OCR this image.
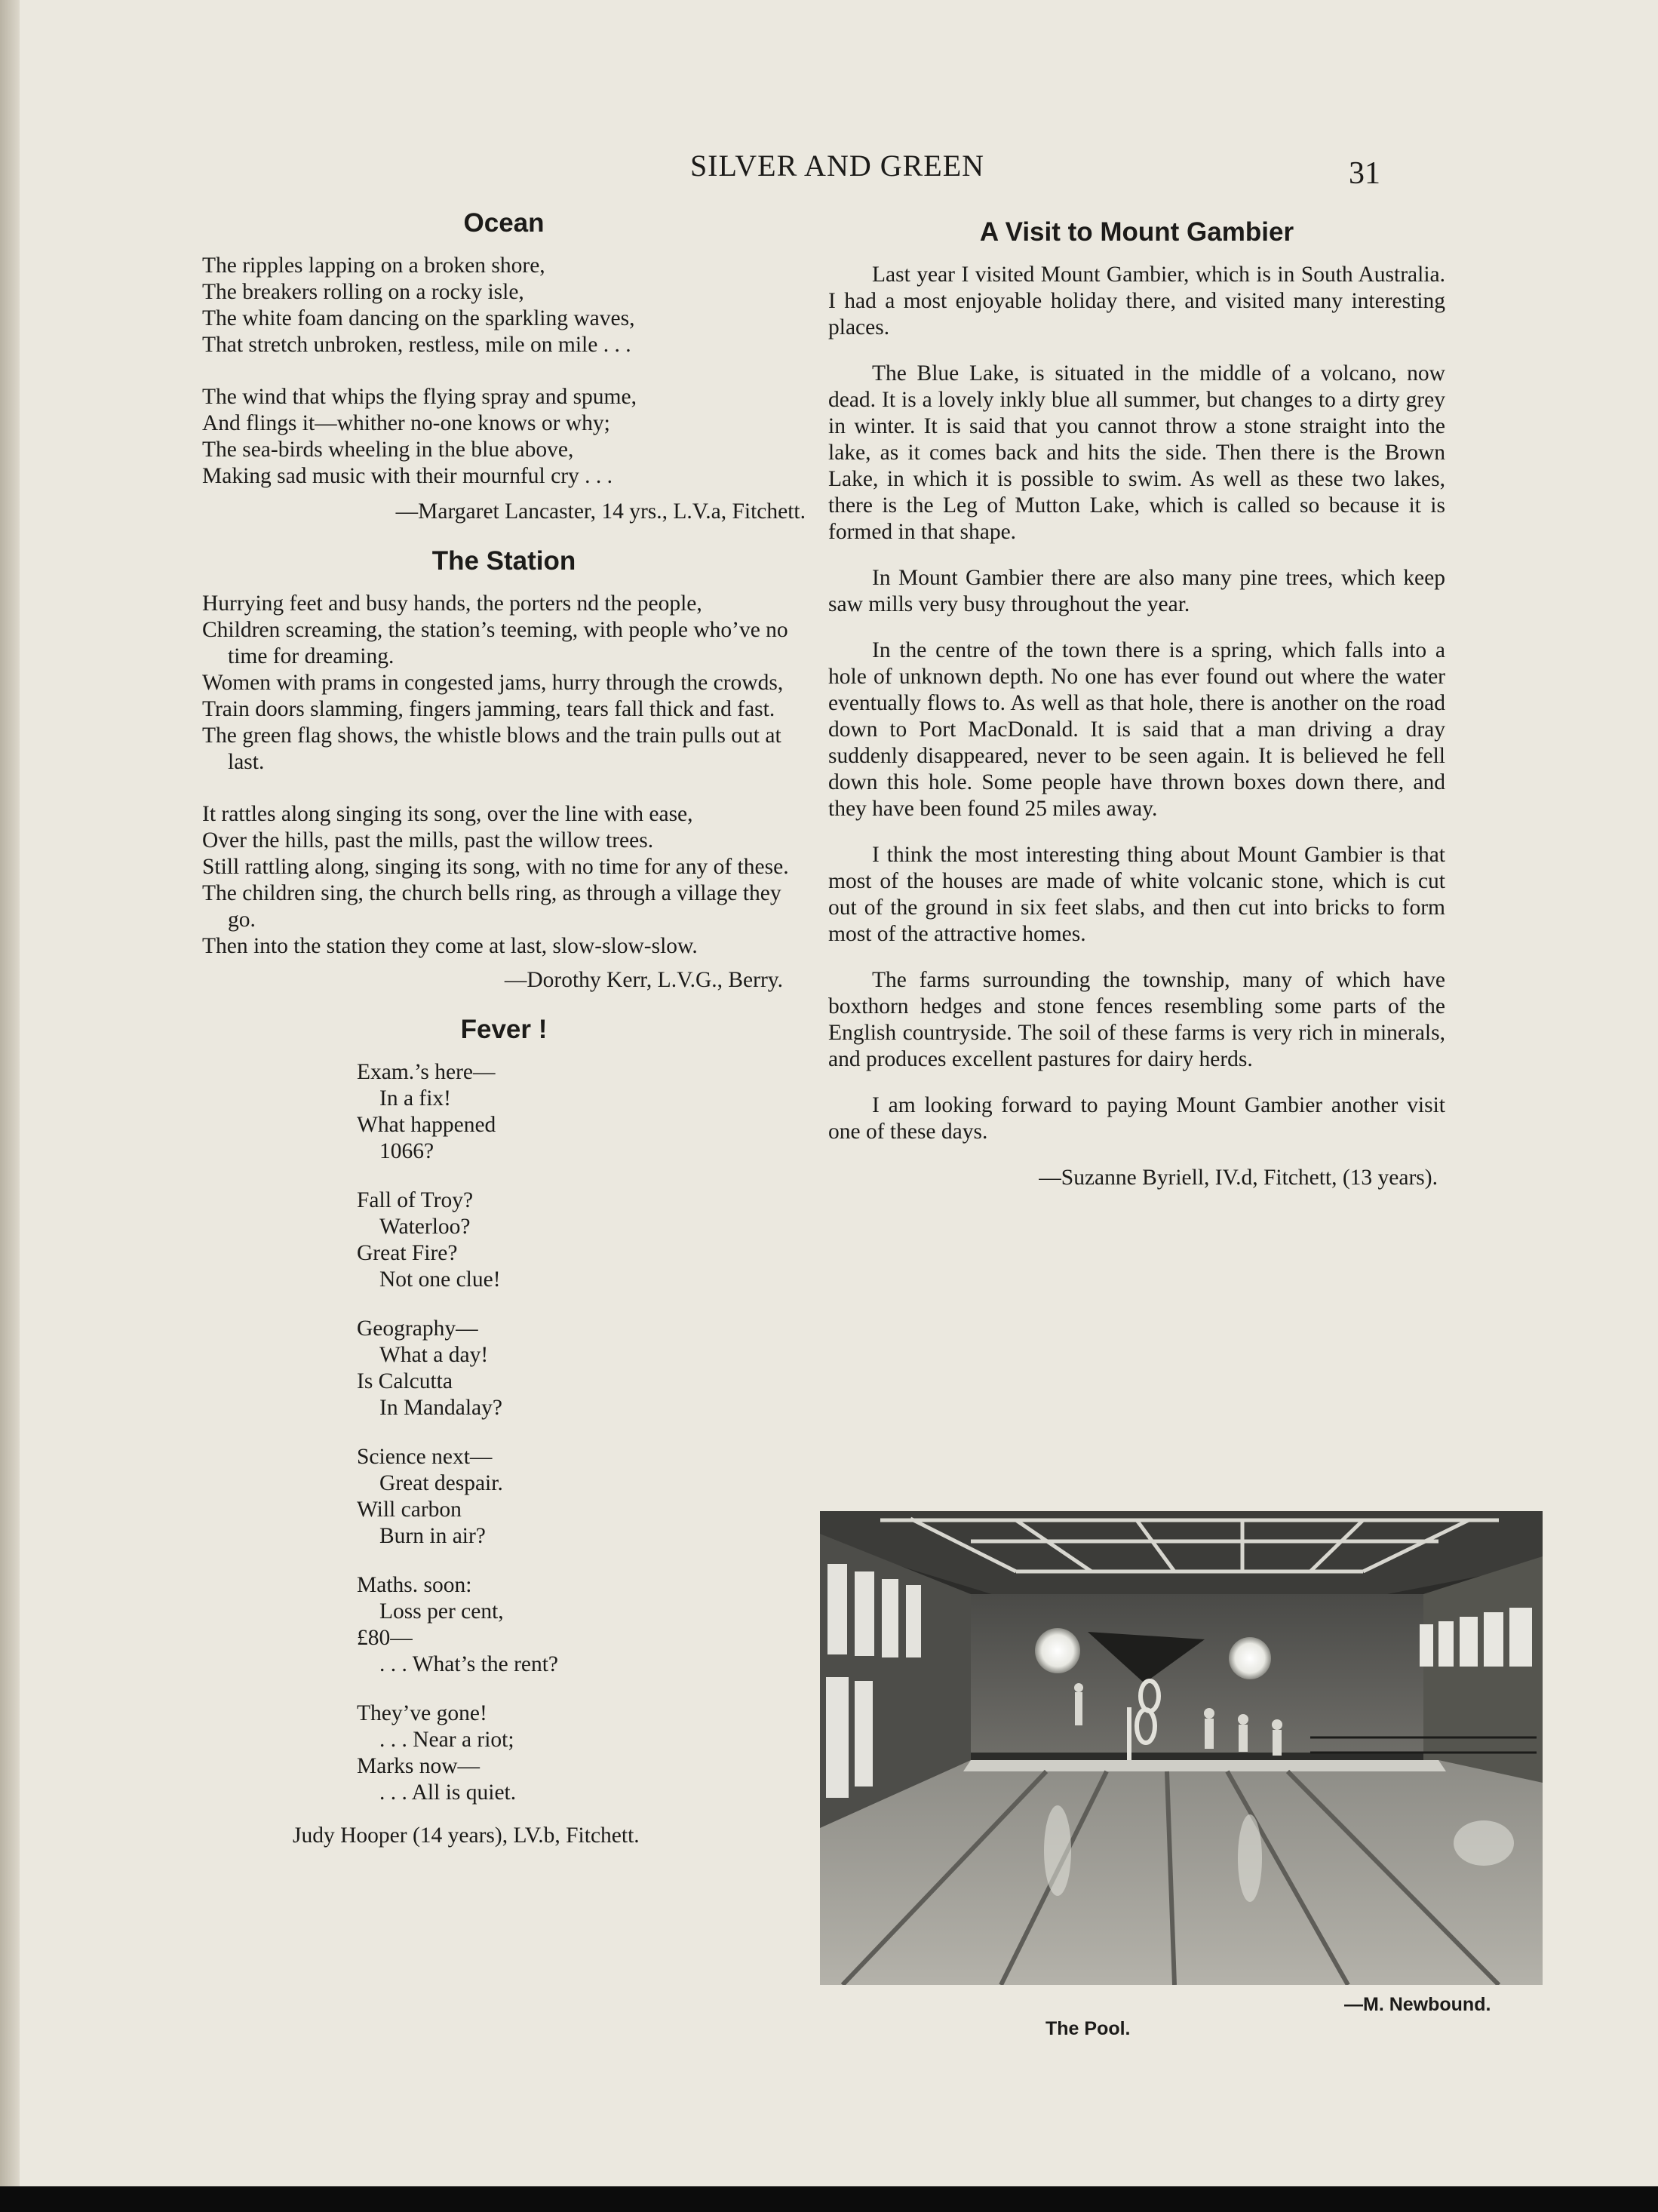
SILVER AND GREEN	31
Ocean
The ripples lapping on a broken shore,
The breakers rolling on a rocky isle,
The white foam dancing on the sparkling waves,
That stretch unbroken, restless, mile on mile . . .
The wind that whips the flying spray and spume,
And flings it—whither no-one knows or why;
The sea-birds wheeling in the blue above,
Making sad music with their mournful cry . . .
—Margaret Lancaster, 14 yrs., L.V.a, Fitchett.
The Station
Hurrying feet and busy hands, the porters nd the people,
Children screaming, the station’s teeming, with people who’ve no time for dreaming.
Women with prams in congested jams, hurry through the crowds,
Train doors slamming, fingers jamming, tears fall thick and fast.
The green flag shows, the whistle blows and the train pulls out at last.
It rattles along singing its song, over the line with ease,
Over the hills, past the mills, past the willow trees.
Still rattling along, singing its song, with no time for any of these.
The children sing, the church bells ring, as through a village they go.
Then into the station they come at last, slow-slow-slow.
—Dorothy Kerr, L.V.G., Berry.
Fever !
Exam.’s here—
In a fix!
What happened
1066?
Fall of Troy?
Waterloo?
Great Fire?
Not one clue!
Geography—
What a day!
Is Calcutta
In Mandalay?
Science next—
Great despair.
Will carbon
Burn in air?
Maths. soon:
Loss per cent,
£80—
. . . What’s the rent?
They’ve gone!
. . . Near a riot;
Marks now—
. . . All is quiet.
Judy Hooper (14 years), LV.b, Fitchett.
A Visit to Mount Gambier

Last year I visited Mount Gambier, which is in South Australia. I had a most enjoyable holiday there, and visited many interesting places.

The Blue Lake, is situated in the middle of a volcano, now dead. It is a lovely inkly blue all summer, but changes to a dirty grey in winter. It is said that you cannot throw a stone straight into the lake, as it comes back and hits the side. Then there is the Brown Lake, in which it is possible to swim. As well as these two lakes, there is the Leg of Mutton Lake, which is called so because it is formed in that shape.

In Mount Gambier there are also many pine trees, which keep saw mills very busy throughout the year.

In the centre of the town there is a spring, which falls into a hole of unknown depth. No one has ever found out where the water eventually flows to. As well as that hole, there is another on the road down to Port MacDonald. It is said that a man driving a dray suddenly disappeared, never to be seen again. It is believed he fell down this hole. Some people have thrown boxes down there, and they have been found 25 miles away.

I think the most interesting thing about Mount Gambier is that most of the houses are made of white volcanic stone, which is cut out of the ground in six feet slabs, and then cut into bricks to form most of the attractive homes.

The farms surrounding the township, many of which have boxthorn hedges and stone fences resembling some parts of the English countryside. The soil of these farms is very rich in minerals, and produces excellent pastures for dairy herds.

I am looking forward to paying Mount Gambier another visit one of these days.

—Suzanne Byriell, IV.d, Fitchett, (13 years).
—M. Newbound.
The Pool.
